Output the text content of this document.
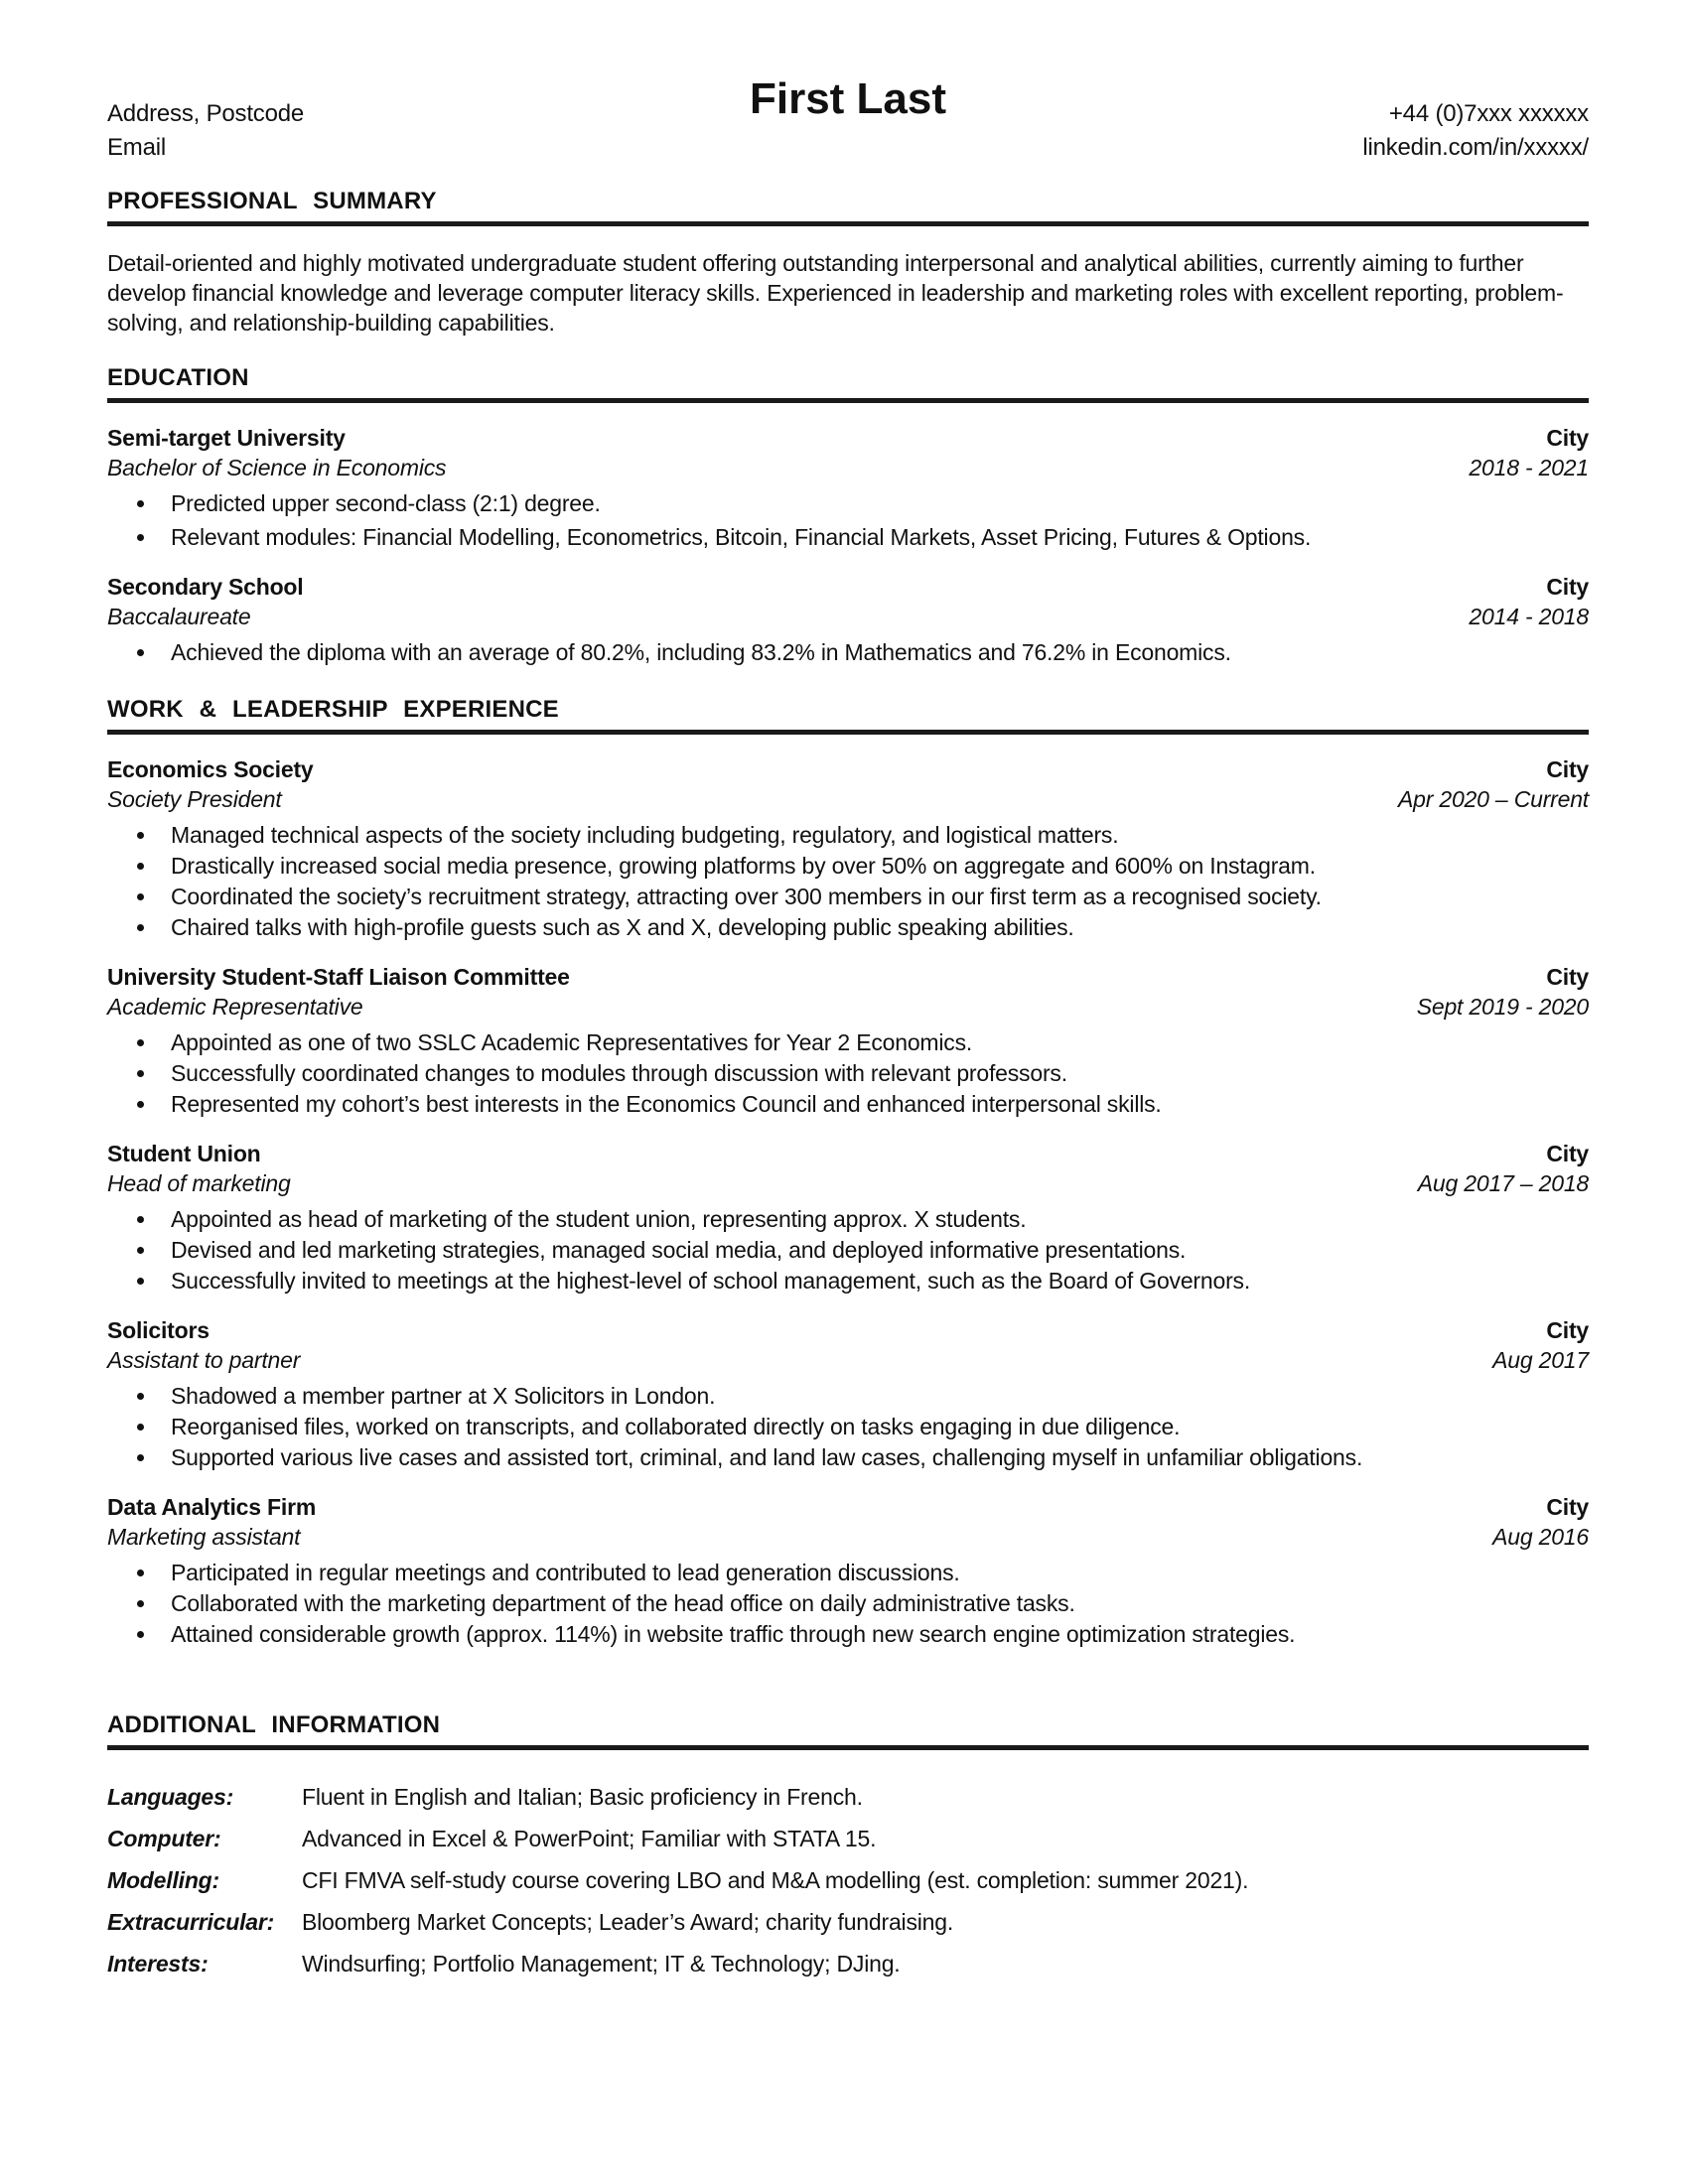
Address, Postcode
Email
First Last	+44 (0)7xxx xxxxxx
linkedin.com/in/xxxxx/
PROFESSIONAL SUMMARY

Detail-oriented and highly motivated undergraduate student offering outstanding interpersonal and analytical abilities, currently aiming to further develop financial knowledge and leverage computer literacy skills. Experienced in leadership and marketing roles with excellent reporting, problem-solving, and relationship-building capabilities.

EDUCATION
Semi-target University	City
Bachelor of Science in Economics	2018 - 2021
Predicted upper second-class (2:1) degree.
Relevant modules: Financial Modelling, Econometrics, Bitcoin, Financial Markets, Asset Pricing, Futures & Options.
Secondary School	City
Baccalaureate	2014 - 2018
Achieved the diploma with an average of 80.2%, including 83.2% in Mathematics and 76.2% in Economics.
WORK & LEADERSHIP EXPERIENCE
Economics Society	City
Society President	Apr 2020 – Current
Managed technical aspects of the society including budgeting, regulatory, and logistical matters.
Drastically increased social media presence, growing platforms by over 50% on aggregate and 600% on Instagram.
Coordinated the society’s recruitment strategy, attracting over 300 members in our first term as a recognised society.
Chaired talks with high-profile guests such as X and X, developing public speaking abilities.
University Student-Staff Liaison Committee	City
Academic Representative	Sept 2019 - 2020
Appointed as one of two SSLC Academic Representatives for Year 2 Economics.
Successfully coordinated changes to modules through discussion with relevant professors.
Represented my cohort’s best interests in the Economics Council and enhanced interpersonal skills.
Student Union	City
Head of marketing	Aug 2017 – 2018
Appointed as head of marketing of the student union, representing approx. X students.
Devised and led marketing strategies, managed social media, and deployed informative presentations.
Successfully invited to meetings at the highest-level of school management, such as the Board of Governors.
Solicitors	City
Assistant to partner	Aug 2017
Shadowed a member partner at X Solicitors in London.
Reorganised files, worked on transcripts, and collaborated directly on tasks engaging in due diligence.
Supported various live cases and assisted tort, criminal, and land law cases, challenging myself in unfamiliar obligations.
Data Analytics Firm	City
Marketing assistant	Aug 2016
Participated in regular meetings and contributed to lead generation discussions.
Collaborated with the marketing department of the head office on daily administrative tasks.
Attained considerable growth (approx. 114%) in website traffic through new search engine optimization strategies.
ADDITIONAL INFORMATION
Languages:	Fluent in English and Italian; Basic proficiency in French.
Computer:	Advanced in Excel & PowerPoint; Familiar with STATA 15.
Modelling:	CFI FMVA self-study course covering LBO and M&A modelling (est. completion: summer 2021).
Extracurricular:	Bloomberg Market Concepts; Leader’s Award; charity fundraising.
Interests:	Windsurfing; Portfolio Management; IT & Technology; DJing.
